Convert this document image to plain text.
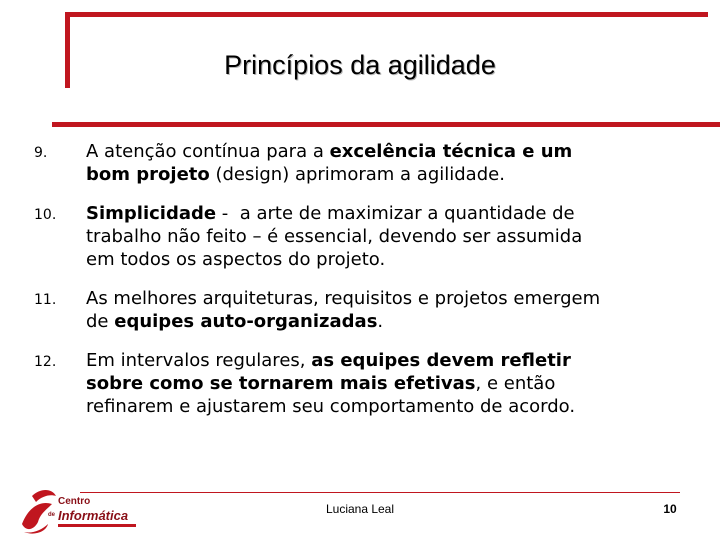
Princípios da agilidade
9. A atenção contínua para a excelência técnica e um
bom projeto (design) aprimoram a agilidade.
10. Simplicidade -  a arte de maximizar a quantidade de
trabalho não feito – é essencial, devendo ser assumida
em todos os aspectos do projeto.
11. As melhores arquiteturas, requisitos e projetos emergem
de equipes auto-organizadas.
12. Em intervalos regulares, as equipes devem refletir
sobre como se tornarem mais efetivas, e então
refinarem e ajustarem seu comportamento de acordo.
Centro
de Informática	Luciana Leal	10
